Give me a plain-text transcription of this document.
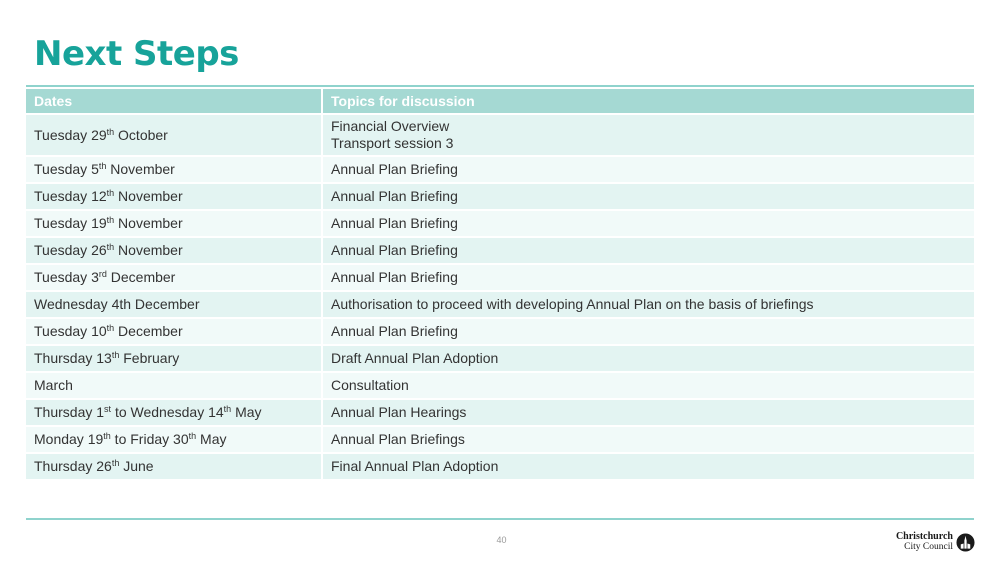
Next Steps
Dates	Topics for discussion
Tuesday 29th October	Financial Overview
Transport session 3

Tuesday 5th November	Annual Plan Briefing

Tuesday 12th November	Annual Plan Briefing

Tuesday 19th November	Annual Plan Briefing

Tuesday 26th November	Annual Plan Briefing

Tuesday 3rd December	Annual Plan Briefing

Wednesday 4th December	Authorisation to proceed with developing Annual Plan on the basis of briefings

Tuesday 10th December	Annual Plan Briefing

Thursday 13th February	Draft Annual Plan Adoption

March	Consultation

Thursday 1st to Wednesday 14th May	Annual Plan Hearings

Monday 19th to Friday 30th May	Annual Plan Briefings

Thursday 26th June	Final Annual Plan Adoption
40	Christchurch
City Council
